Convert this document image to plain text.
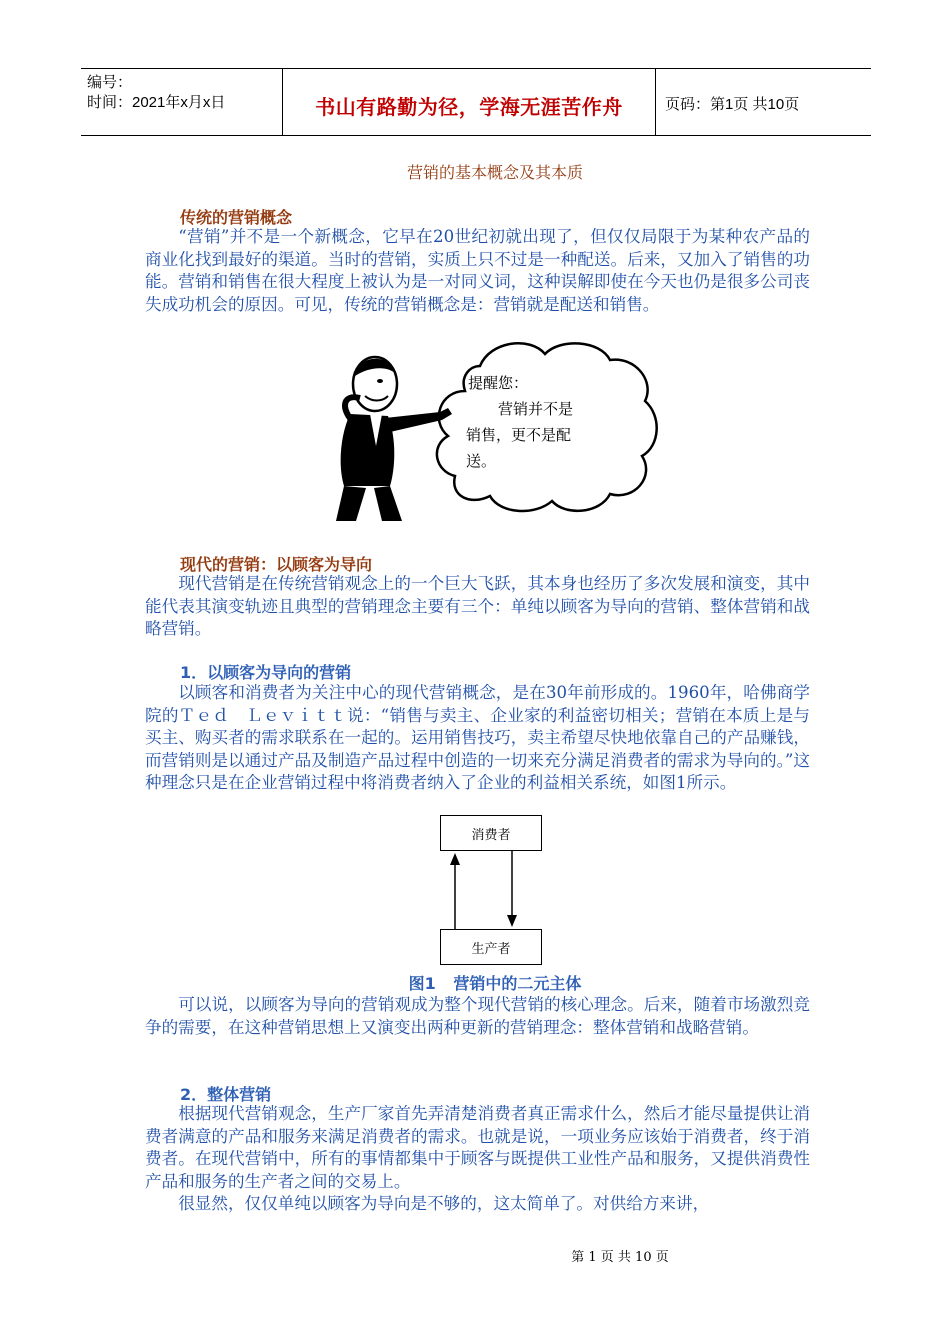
编号：
时间：2021年x月x日	书山有路勤为径，学海无涯苦作舟	页码：第1页 共10页
营销的基本概念及其本质
传统的营销概念
“营销”并不是一个新概念，它早在20世纪初就出现了，但仅仅局限于为某种农产品的商业化找到最好的渠道。当时的营销，实质上只不过是一种配送。后来，又加入了销售的功能。营销和销售在很大程度上被认为是一对同义词，这种误解即使在今天也仍是很多公司丧失成功机会的原因。可见，传统的营销概念是：营销就是配送和销售。
提醒您：
营销并不是
销售，更不是配
送。
现代的营销：以顾客为导向
现代营销是在传统营销观念上的一个巨大飞跃，其本身也经历了多次发展和演变，其中能代表其演变轨迹且典型的营销理念主要有三个：单纯以顾客为导向的营销、整体营销和战略营销。
1．以顾客为导向的营销
以顾客和消费者为关注中心的现代营销概念，是在30年前形成的。1960年，哈佛商学院的Ｔｅｄ　Ｌｅｖｉｔｔ说：“销售与卖主、企业家的利益密切相关；营销在本质上是与买主、购买者的需求联系在一起的。运用销售技巧，卖主希望尽快地依靠自己的产品赚钱，而营销则是以通过产品及制造产品过程中创造的一切来充分满足消费者的需求为导向的。”这种理念只是在企业营销过程中将消费者纳入了企业的利益相关系统，如图1所示。
消费者
生产者
图1 营销中的二元主体
可以说，以顾客为导向的营销观成为整个现代营销的核心理念。后来，随着市场激烈竞争的需要，在这种营销思想上又演变出两种更新的营销理念：整体营销和战略营销。
2．整体营销
根据现代营销观念，生产厂家首先弄清楚消费者真正需求什么，然后才能尽量提供让消费者满意的产品和服务来满足消费者的需求。也就是说，一项业务应该始于消费者，终于消费者。在现代营销中，所有的事情都集中于顾客与既提供工业性产品和服务，又提供消费性产品和服务的生产者之间的交易上。
很显然，仅仅单纯以顾客为导向是不够的，这太简单了。对供给方来讲，
第 1 页 共 10 页
